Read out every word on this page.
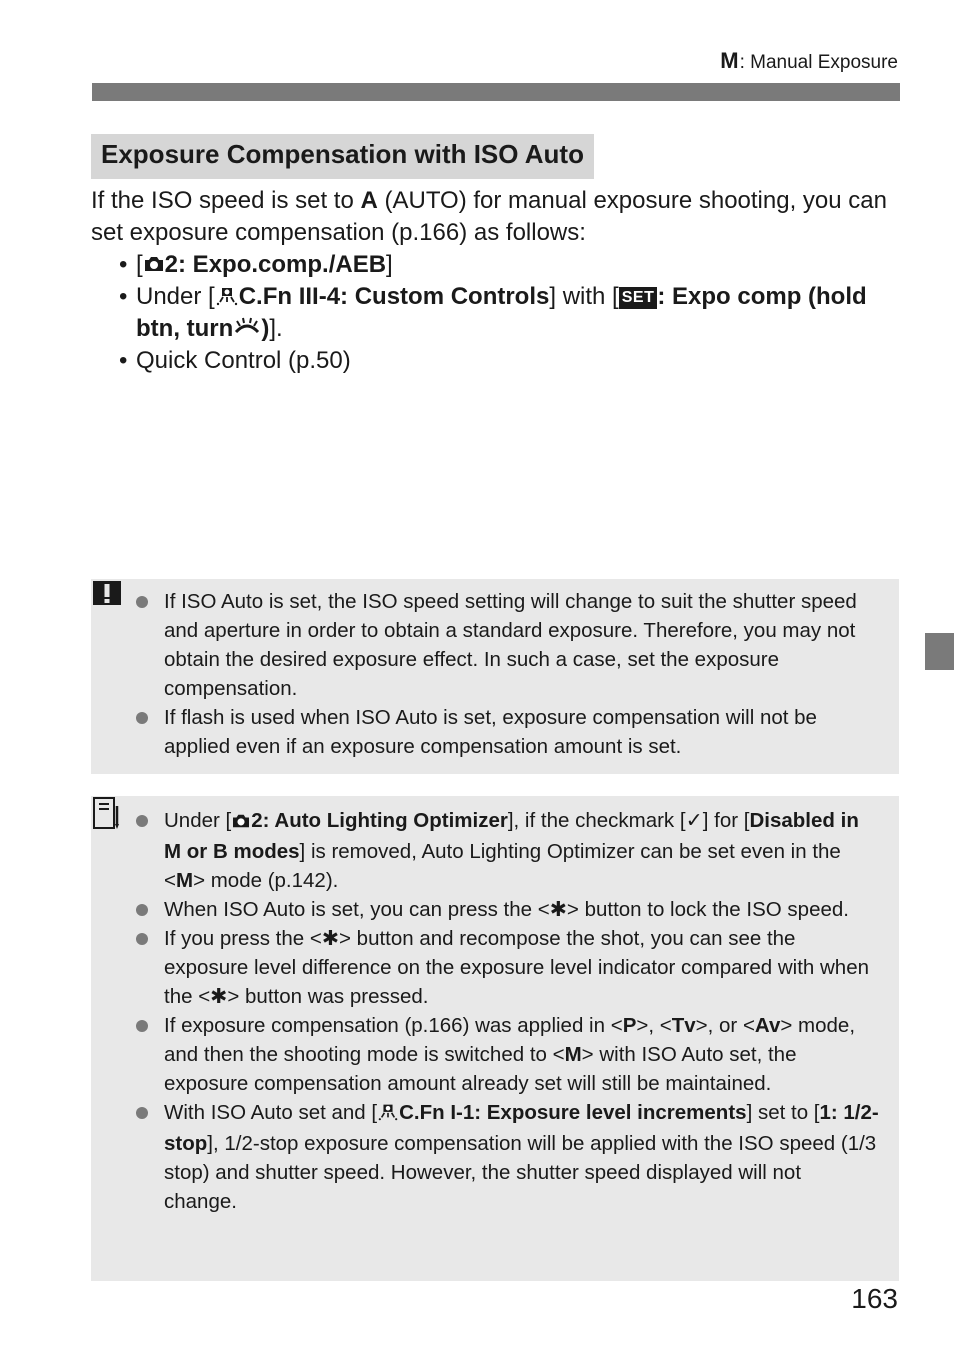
M: Manual Exposure
Exposure Compensation with ISO Auto

If the ISO speed is set to A (AUTO) for manual exposure shooting, you can set exposure compensation (p.166) as follows:

• [ 2: Expo.comp./AEB]
• Under [ C.Fn III-4: Custom Controls] with [ SET : Expo comp (hold btn, turn )].
• Quick Control (p.50)
If ISO Auto is set, the ISO speed setting will change to suit the shutter speed and aperture in order to obtain a standard exposure. Therefore, you may not obtain the desired exposure effect. In such a case, set the exposure compensation.
If flash is used when ISO Auto is set, exposure compensation will not be applied even if an exposure compensation amount is set.
Under [ 2: Auto Lighting Optimizer], if the checkmark [✓] for [Disabled in M or B modes] is removed, Auto Lighting Optimizer can be set even in the <M> mode (p.142).
When ISO Auto is set, you can press the <✱> button to lock the ISO speed.
If you press the <✱> button and recompose the shot, you can see the exposure level difference on the exposure level indicator compared with when the <✱> button was pressed.
If exposure compensation (p.166) was applied in <P>, <Tv>, or <Av> mode, and then the shooting mode is switched to <M> with ISO Auto set, the exposure compensation amount already set will still be maintained.
With ISO Auto set and [ C.Fn I-1: Exposure level increments] set to [1: 1/2-stop], 1/2-stop exposure compensation will be applied with the ISO speed (1/3 stop) and shutter speed. However, the shutter speed displayed will not change.
163
